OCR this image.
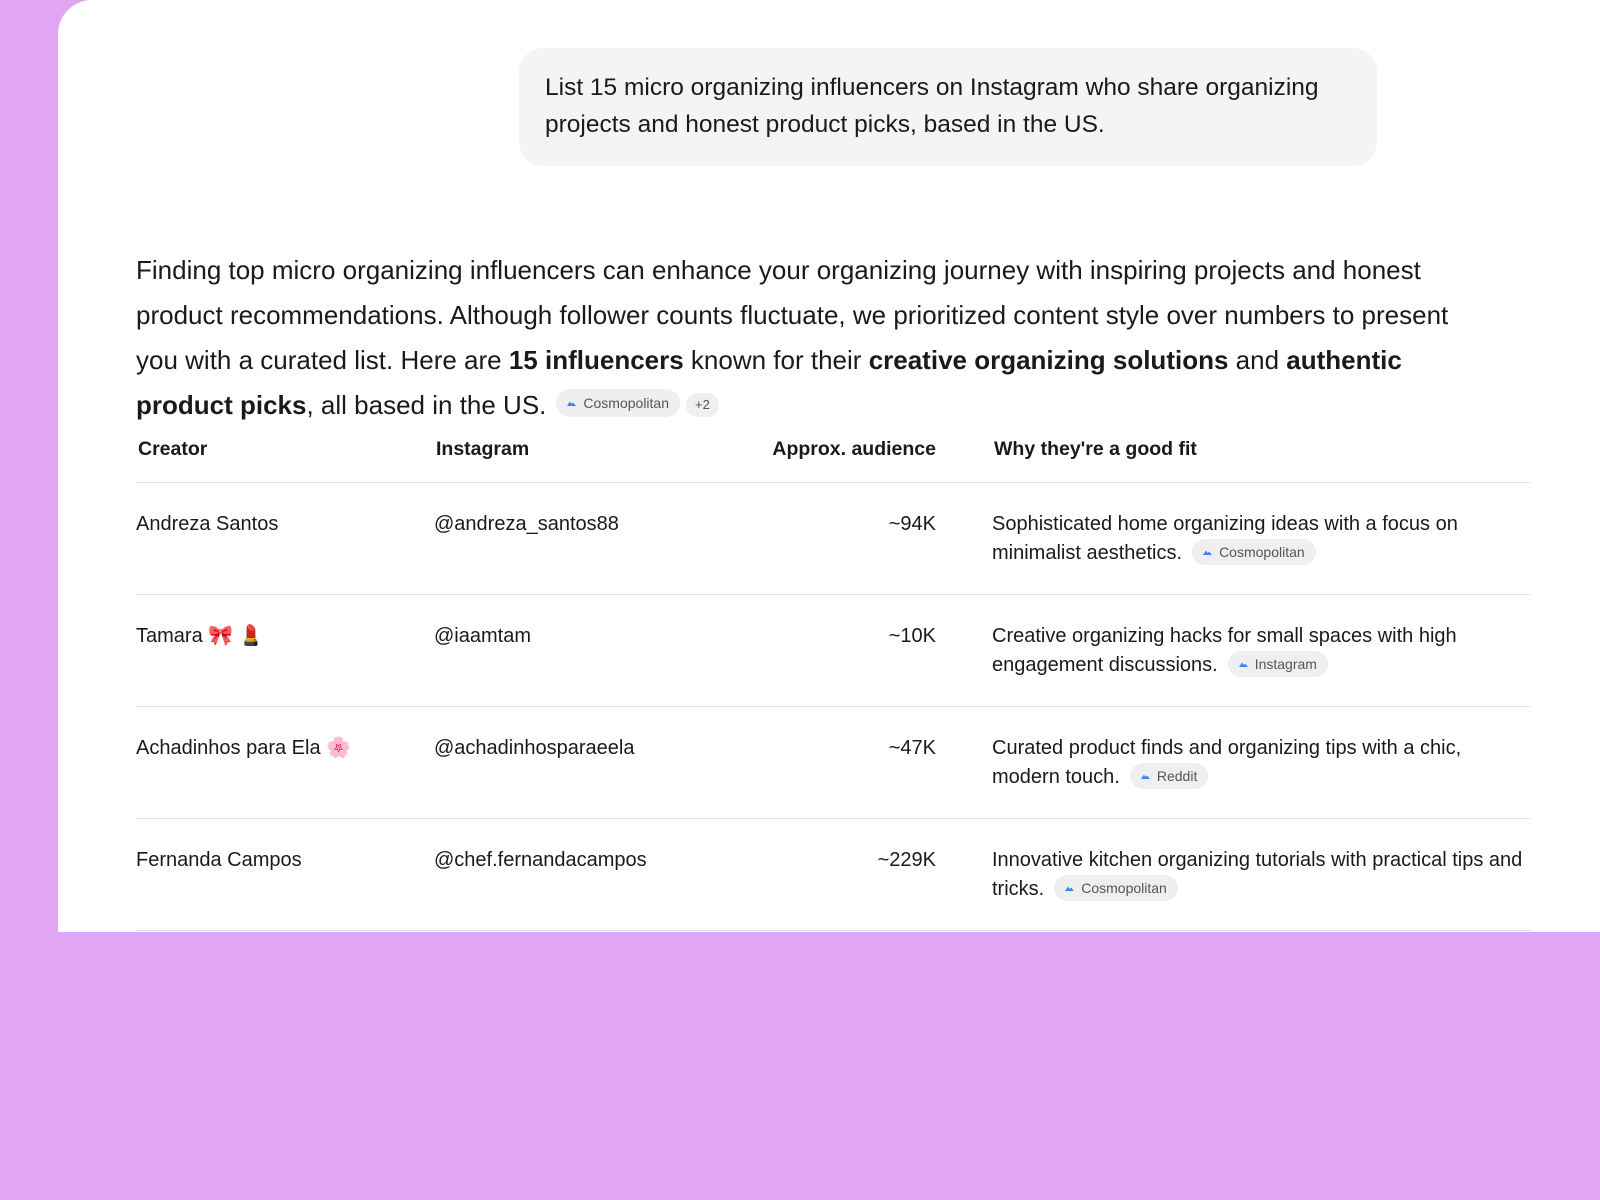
List 15 micro organizing influencers on Instagram who share organizing projects and honest product picks, based in the US.
Finding top micro organizing influencers can enhance your organizing journey with inspiring projects and honest product recommendations. Although follower counts fluctuate, we prioritized content style over numbers to present you with a curated list. Here are 15 influencers known for their creative organizing solutions and authentic product picks, all based in the US.	Cosmopolitan +2
Creator	Instagram	Approx. audience	Why they're a good fit
Andreza Santos	@andreza_santos88	~94K	Sophisticated home organizing ideas with a focus on minimalist aesthetics. Cosmopolitan

Tamara 🎀 💄	@iaamtam	~10K	Creative organizing hacks for small spaces with high engagement discussions. Instagram

Achadinhos para Ela 🌸	@achadinhosparaeela	~47K	Curated product finds and organizing tips with a chic, modern touch. Reddit

Fernanda Campos	@chef.fernandacampos	~229K	Innovative kitchen organizing tutorials with practical tips and tricks. Cosmopolitan
